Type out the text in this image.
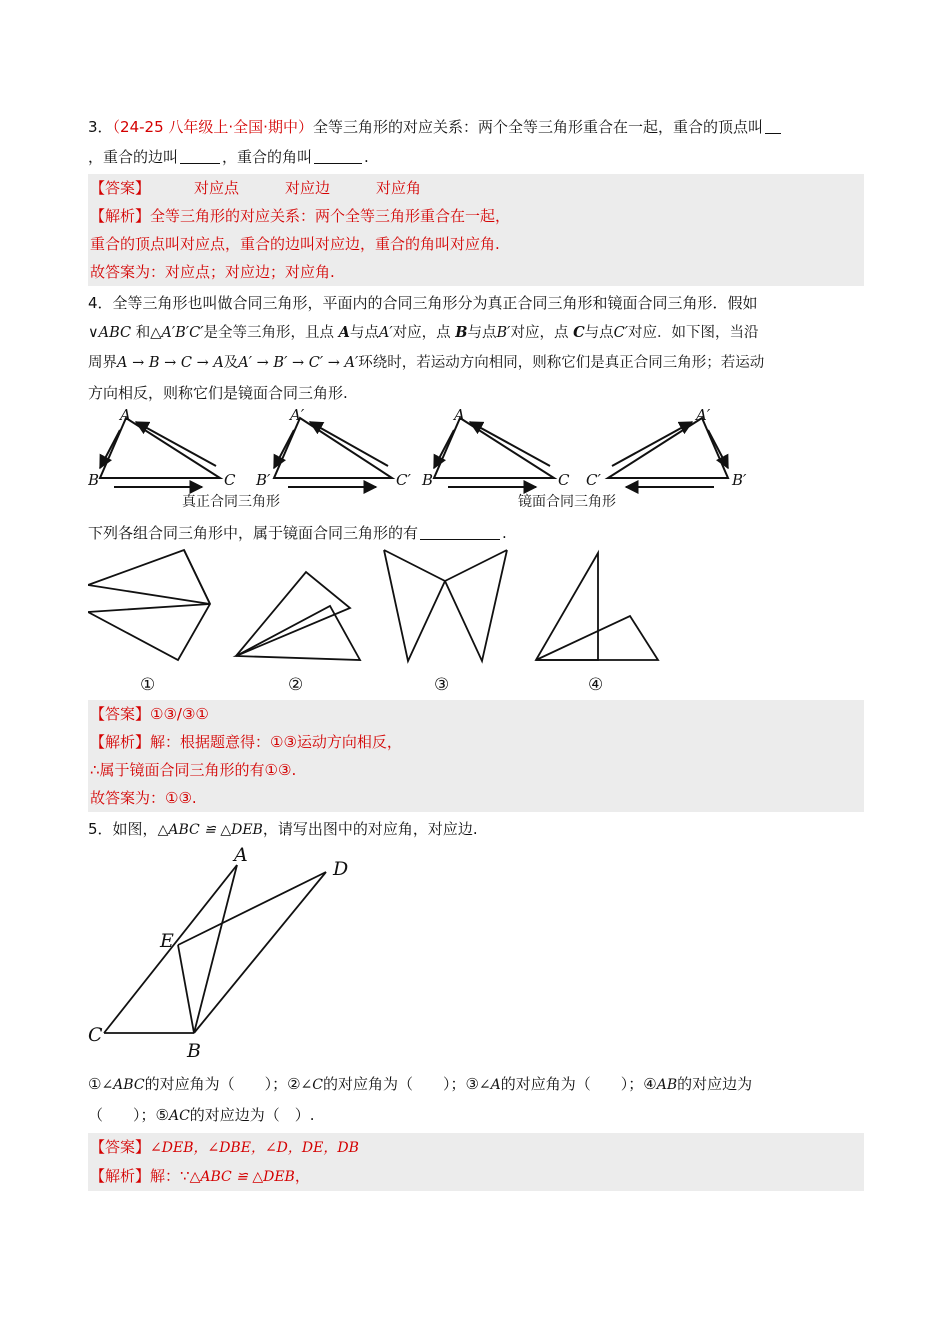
3．（24-25 八年级上·全国·期中）全等三角形的对应关系：两个全等三角形重合在一起，重合的顶点叫
，重合的边叫	，重合的角叫	.
【答案】	对应点	对应边	对应角
【解析】全等三角形的对应关系：两个全等三角形重合在一起，
重合的顶点叫对应点，重合的边叫对应边，重合的角叫对应角.
故答案为：对应点；对应边；对应角.
4．全等三角形也叫做合同三角形，平面内的合同三角形分为真正合同三角形和镜面合同三角形．假如
∨ABC 和△A′B′C′是全等三角形，且点 A与点A′对应，点 B与点B′对应，点 C与点C′对应．如下图，当沿
周界A → B → C → A及A′ → B′ → C′ → A′环绕时，若运动方向相同，则称它们是真正合同三角形；若运动
方向相反，则称它们是镜面合同三角形.
A
B	C
A′
B′	C′
A
B	C
A′
B′
C′
真正合同三角形	镜面合同三角形
下列各组合同三角形中，属于镜面合同三角形的有	.
①	②	③	④
【答案】①③/③①
【解析】解：根据题意得：①③运动方向相反，
∴属于镜面合同三角形的有①③.
故答案为：①③.
5．如图，△ABC ≌ △DEB，请写出图中的对应角，对应边.
A
D
E
C
B
①∠ABC的对应角为（　　）；②∠C的对应角为（　　）；③∠A的对应角为（　　）；④AB的对应边为
（　　）；⑤AC的对应边为（　）.
【答案】∠DEB，∠DBE，∠D，DE，DB
【解析】解：∵△ABC ≌ △DEB，
